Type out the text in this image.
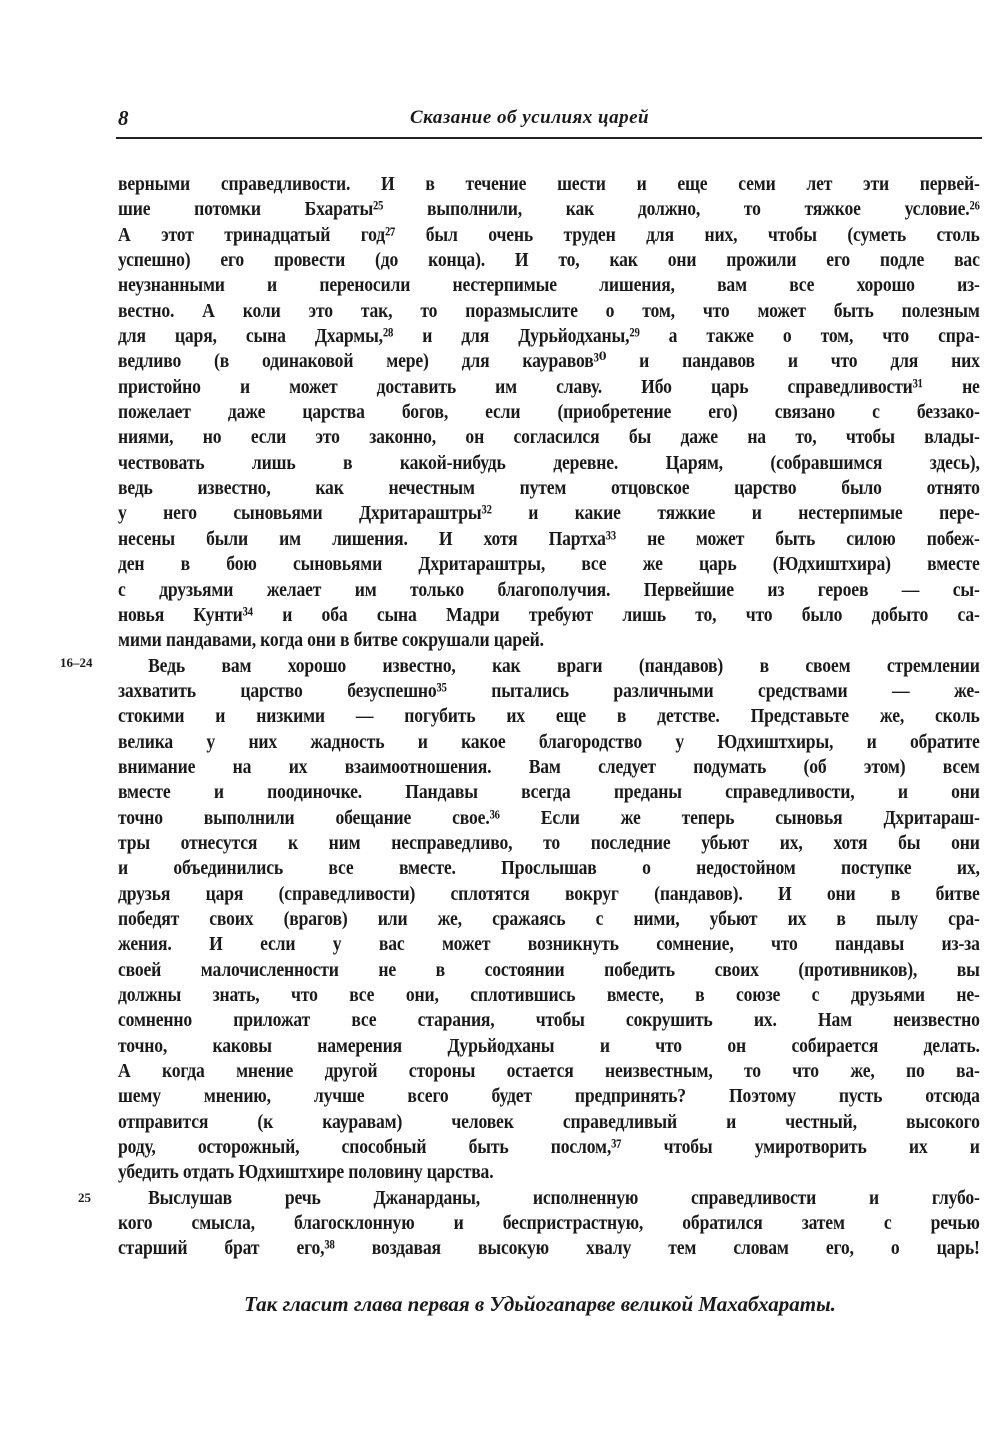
8	Сказание об усилиях царей
верными справедливости. И в течение шести и еще семи лет эти первей-
шие потомки Бхараты²⁵ выполнили, как должно, то тяжкое условие.²⁶
А этот тринадцатый год²⁷ был очень труден для них, чтобы (суметь столь
успешно) его провести (до конца). И то, как они прожили его подле вас
неузнанными и переносили нестерпимые лишения, вам все хорошо из-
вестно. А коли это так, то поразмыслите о том, что может быть полезным
для царя, сына Дхармы,²⁸ и для Дурьйодханы,²⁹ а также о том, что спра-
ведливо (в одинаковой мере) для кауравов³⁰ и пандавов и что для них
пристойно и может доставить им славу. Ибо царь справедливости³¹ не
пожелает даже царства богов, если (приобретение его) связано с беззако-
ниями, но если это законно, он согласился бы даже на то, чтобы влады-
чествовать лишь в какой-нибудь деревне. Царям, (собравшимся здесь),
ведь известно, как нечестным путем отцовское царство было отнято
у него сыновьями Дхритараштры³² и какие тяжкие и нестерпимые пере-
несены были им лишения. И хотя Партха³³ не может быть силою побеж-
ден в бою сыновьями Дхритараштры, все же царь (Юдхиштхира) вместе
с друзьями желает им только благополучия. Первейшие из героев — сы-
новья Кунти³⁴ и оба сына Мадри требуют лишь то, что было добыто са-
мими пандавами, когда они в битве сокрушали царей.
Ведь вам хорошо известно, как враги (пандавов) в своем стремлении
захватить царство безуспешно³⁵ пытались различными средствами — же-
стокими и низкими — погубить их еще в детстве. Представьте же, сколь
велика у них жадность и какое благородство у Юдхиштхиры, и обратите
внимание на их взаимоотношения. Вам следует подумать (об этом) всем
вместе и поодиночке. Пандавы всегда преданы справедливости, и они
точно выполнили обещание свое.³⁶ Если же теперь сыновья Дхритараш-
тры отнесутся к ним несправедливо, то последние убьют их, хотя бы они
и объединились все вместе. Прослышав о недостойном поступке их,
друзья царя (справедливости) сплотятся вокруг (пандавов). И они в битве
победят своих (врагов) или же, сражаясь с ними, убьют их в пылу сра-
жения. И если у вас может возникнуть сомнение, что пандавы из-за
своей малочисленности не в состоянии победить своих (противников), вы
должны знать, что все они, сплотившись вместе, в союзе с друзьями не-
сомненно приложат все старания, чтобы сокрушить их. Нам неизвестно
точно, каковы намерения Дурьйодханы и что он собирается делать.
А когда мнение другой стороны остается неизвестным, то что же, по ва-
шему мнению, лучше всего будет предпринять? Поэтому пусть отсюда
отправится (к кауравам) человек справедливый и честный, высокого
роду, осторожный, способный быть послом,³⁷ чтобы умиротворить их и
убедить отдать Юдхиштхире половину царства.
Выслушав речь Джанарданы, исполненную справедливости и глубо-
кого смысла, благосклонную и беспристрастную, обратился затем с речью
старший брат его,³⁸ воздавая высокую хвалу тем словам его, о царь!
16–24
25
Так гласит глава первая в Удьйогапарве великой Махабхараты.
